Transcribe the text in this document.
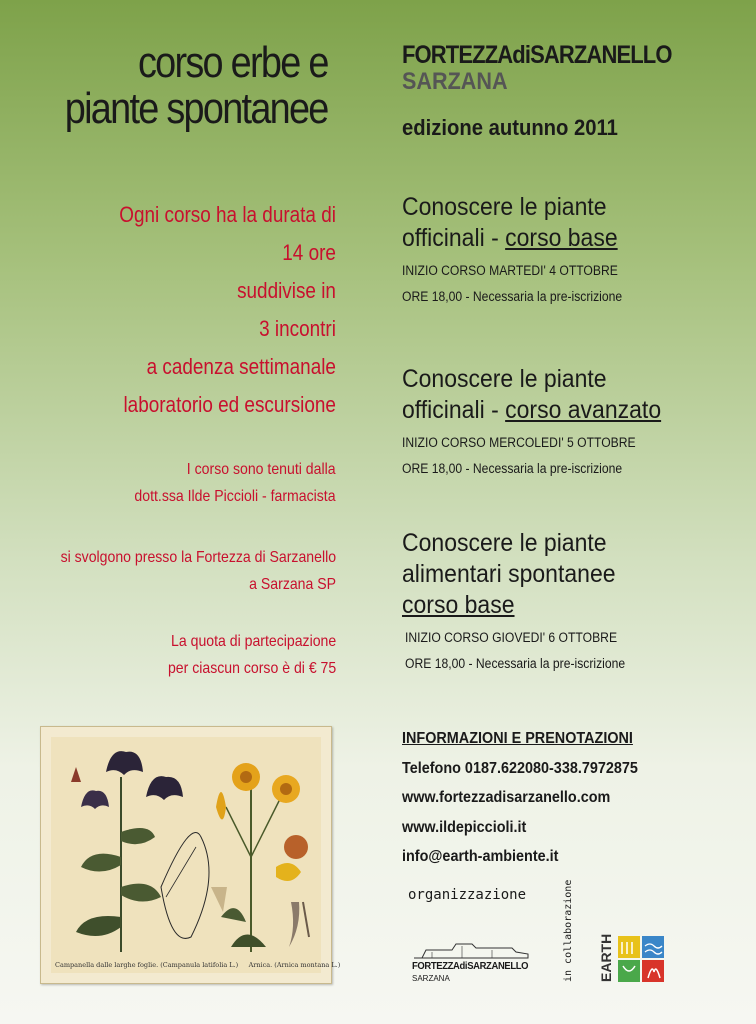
corso erbe e
piante spontanee
Ogni corso ha la durata di
14 ore
suddivise in
3 incontri
a cadenza settimanale
laboratorio ed escursione
I corso sono tenuti dalla
dott.ssa Ilde Piccioli - farmacista
si svolgono presso la Fortezza di Sarzanello
a Sarzana SP
La quota di partecipazione
per ciascun corso è di € 75
Campanella dalle larghe foglie. (Campanula latifolia L.) Arnica. (Arnica montana L.)
FORTEZZAdiSARZANELLO
SARZANA
edizione autunno 2011
Conoscere le piante
officinali - corso base
INIZIO CORSO MARTEDI' 4 OTTOBRE
ORE 18,00 - Necessaria la pre-iscrizione
Conoscere le piante
officinali - corso avanzato
INIZIO CORSO MERCOLEDI' 5 OTTOBRE
ORE 18,00 - Necessaria la pre-iscrizione
Conoscere le piante
alimentari spontanee
corso base
INIZIO CORSO GIOVEDI' 6 OTTOBRE
ORE 18,00 - Necessaria la pre-iscrizione
INFORMAZIONI E PRENOTAZIONI
Telefono 0187.622080-338.7972875
www.fortezzadisarzanello.com
www.ildepiccioli.it
info@earth-ambiente.it
organizzazione	in collaborazione
FORTEZZAdiSARZANELLO
SARZANA	EARTH
